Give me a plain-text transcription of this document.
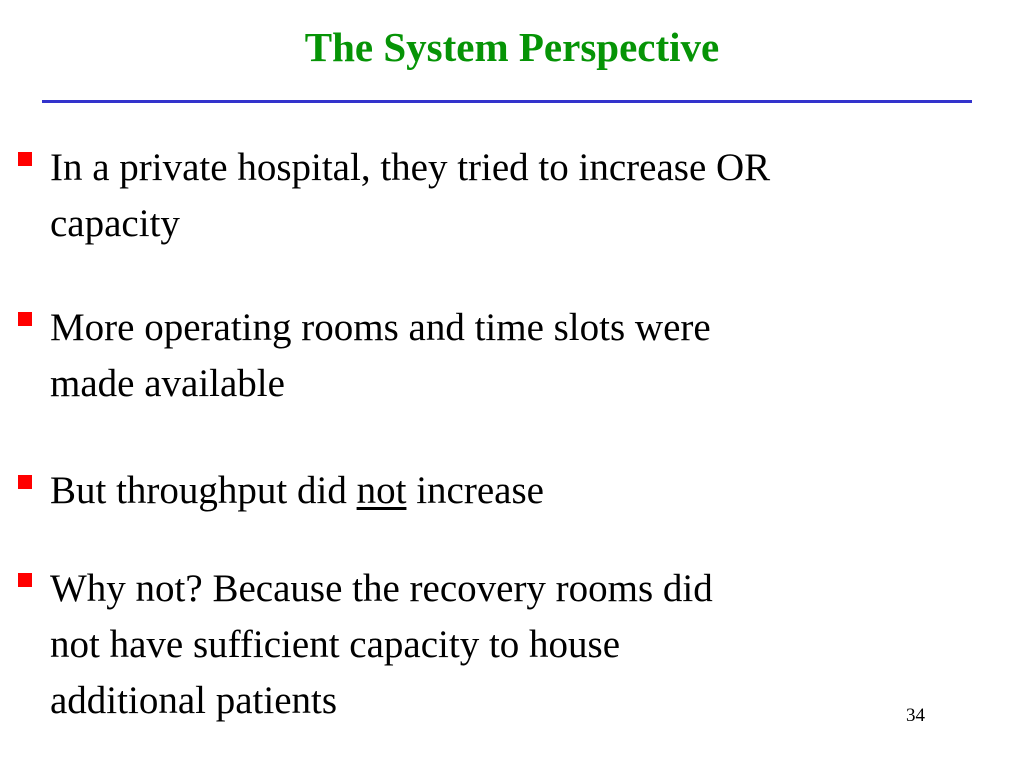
The System Perspective
In a private hospital, they tried to increase OR
capacity
More operating rooms and time slots were
made available
But throughput did not increase
Why not? Because the recovery rooms did
not have sufficient capacity to house
additional patients	34
